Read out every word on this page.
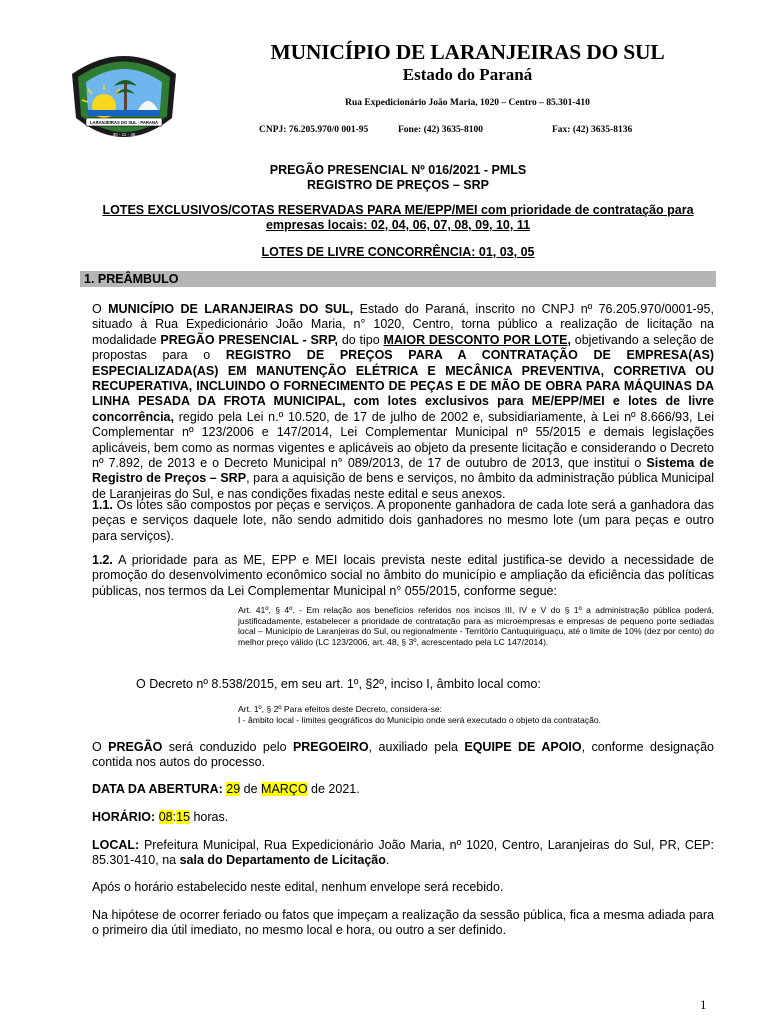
LARANJEIRAS DO SUL - PARANÁ
30 - 11 - 46
MUNICÍPIO DE LARANJEIRAS DO SUL
Estado do Paraná
Rua Expedicionário João Maria, 1020 – Centro – 85.301-410
CNPJ: 76.205.970/0 001-95	Fone: (42) 3635-8100	Fax: (42) 3635-8136
PREGÃO PRESENCIAL Nº 016/2021 - PMLS
REGISTRO DE PREÇOS – SRP
LOTES EXCLUSIVOS/COTAS RESERVADAS PARA ME/EPP/MEI com prioridade de contratação para empresas locais: 02, 04, 06, 07, 08, 09, 10, 11
LOTES DE LIVRE CONCORRÊNCIA: 01, 03, 05
1. PREÂMBULO
O MUNICÍPIO DE LARANJEIRAS DO SUL, Estado do Paraná, inscrito no CNPJ nº 76.205.970/0001-95, situado à Rua Expedicionário João Maria, n° 1020, Centro, torna público a realização de licitação na modalidade PREGÃO PRESENCIAL - SRP, do tipo MAIOR DESCONTO POR LOTE, objetivando a seleção de propostas para o REGISTRO DE PREÇOS PARA A CONTRATAÇÃO DE EMPRESA(AS) ESPECIALIZADA(AS) EM MANUTENÇÃO ELÉTRICA E MECÂNICA PREVENTIVA, CORRETIVA OU RECUPERATIVA, INCLUINDO O FORNECIMENTO DE PEÇAS E DE MÃO DE OBRA PARA MÁQUINAS DA LINHA PESADA DA FROTA MUNICIPAL, com lotes exclusivos para ME/EPP/MEI e lotes de livre concorrência, regido pela Lei n.º 10.520, de 17 de julho de 2002 e, subsidiariamente, à Lei nº 8.666/93, Lei Complementar nº 123/2006 e 147/2014, Lei Complementar Municipal nº 55/2015 e demais legislações aplicáveis, bem como as normas vigentes e aplicáveis ao objeto da presente licitação e considerando o Decreto nº 7.892, de 2013 e o Decreto Municipal n° 089/2013, de 17 de outubro de 2013, que institui o Sistema de Registro de Preços – SRP, para a aquisição de bens e serviços, no âmbito da administração pública Municipal de Laranjeiras do Sul, e nas condições fixadas neste edital e seus anexos.
1.1. Os lotes são compostos por peças e serviços. A proponente ganhadora de cada lote será a ganhadora das peças e serviços daquele lote, não sendo admitido dois ganhadores no mesmo lote (um para peças e outro para serviços).
1.2. A prioridade para as ME, EPP e MEI locais prevista neste edital justifica-se devido a necessidade de promoção do desenvolvimento econômico social no âmbito do município e ampliação da eficiência das políticas públicas, nos termos da Lei Complementar Municipal n° 055/2015, conforme segue:
Art. 41º, § 4º. - Em relação aos benefícios referidos nos incisos III, IV e V do § 1º a administração pública poderá, justificadamente, estabelecer a prioridade de contratação para as microempresas e empresas de pequeno porte sediadas local – Município de Laranjeiras do Sul, ou regionalmente - Território Cantuquiriguaçu, até o limite de 10% (dez por cento) do melhor preço válido (LC 123/2006, art. 48, § 3º, acrescentado pela LC 147/2014).
O Decreto nº 8.538/2015, em seu art. 1º, §2º, inciso I, âmbito local como:
Art. 1º, § 2º Para efeitos deste Decreto, considera-se:
I - âmbito local - limites geográficos do Município onde será executado o objeto da contratação.
O PREGÃO será conduzido pelo PREGOEIRO, auxiliado pela EQUIPE DE APOIO, conforme designação contida nos autos do processo.
DATA DA ABERTURA: 29 de MARÇO de 2021.
HORÁRIO: 08:15 horas.
LOCAL: Prefeitura Municipal, Rua Expedicionário João Maria, nº 1020, Centro, Laranjeiras do Sul, PR, CEP: 85.301-410, na sala do Departamento de Licitação.
Após o horário estabelecido neste edital, nenhum envelope será recebido.
Na hipótese de ocorrer feriado ou fatos que impeçam a realização da sessão pública, fica a mesma adiada para o primeiro dia útil imediato, no mesmo local e hora, ou outro a ser definido.
1
